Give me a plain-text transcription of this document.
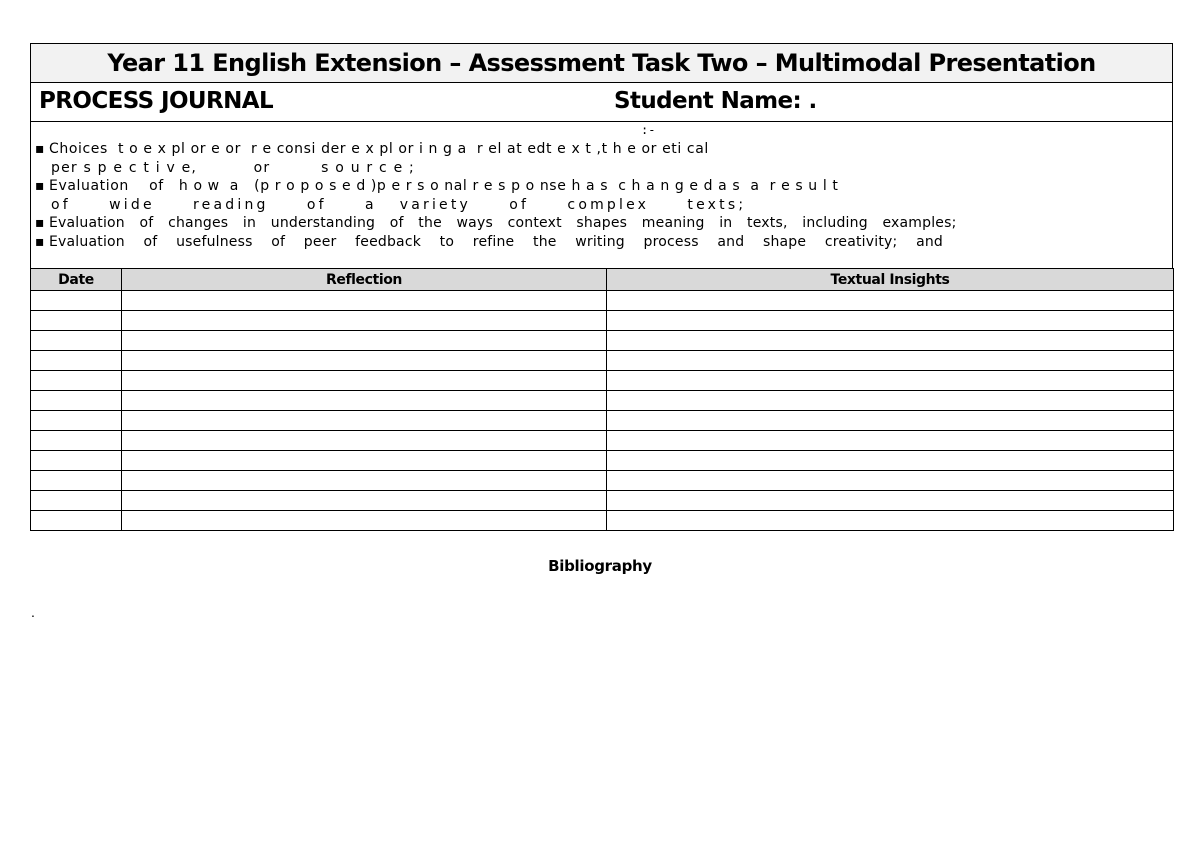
Year 11 English Extension – Assessment Task Two – Multimodal Presentation

PROCESS JOURNAL	Student Name: .

:-
▪ Choices  t o e x pl or e or  r e consi der e x pl or i n g a  r el at edt e x t ,t h e or eti cal
per s p e c t i v e,          or         s o u r c e ;
▪ Evaluation    of   h o w  a   (p r o p o s e d )p e r s o nal r e s p o nse h a s  c h a n g e d a s  a  r e s u l t
of     wide     reading     of     a   variety     of     complex     texts;
▪ Evaluation of changes in understanding of the ways context shapes meaning in texts, including examples;
▪ Evaluation of usefulness of peer feedback to refine the writing process and shape creativity; and
Date	Reflection	Textual Insights

Bibliography
.
